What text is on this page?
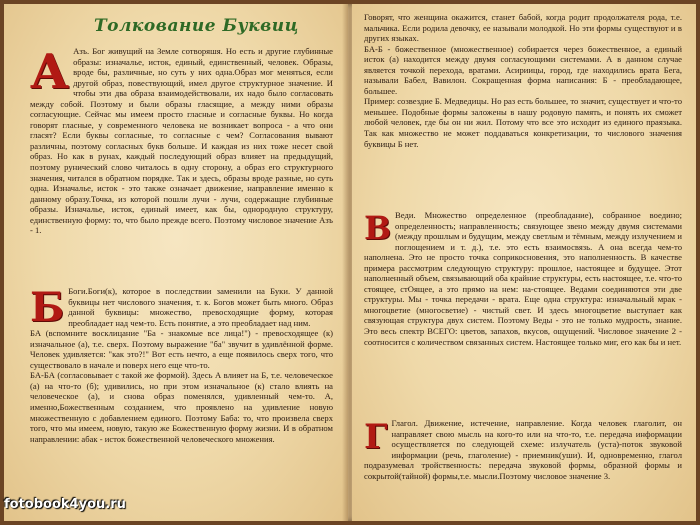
Толкование Буквиц
А Азъ. Бог живущий на Земле сотворяшя. Но есть и другие глубинные образы: изначалье, исток, единый, единственный, человек. Образы, вроде бы, различные, но суть у них одна.Образ мог меняться, если другой образ, повествующий, имел другое структурное значение. И чтобы эти два образа взаимодействовали, их надо было согласовать между собой. Поэтому и были образы гласящие, а между ними образы согласующие. Сейчас мы имеем просто гласные и согласные буквы. Но когда говорят гласные, у современного человека не возникает вопроса - а что они гласят? Если буквы согласные, то согласные с чем? Согласования вывают различны, поэтому согласных букв больше. И каждая из них тоже несет свой образ. Но как в рунах, каждый последующий образ влияет на предыдущий, поэтому рунический слово читалось в одну сторону, а образ его структурного значения, читался в обратном порядке. Так и здесь, образы вроде разные, но суть одна. Изначалье, исток - это также означает движение, направление именно к данному образу.Точка, из которой пошли лучи - лучи, содержащие глубинные образы. Изначалье, исток, единый имеет, как бы, однородную структуру, единственную форму: то, что было прежде всего. Поэтому числовое значение Азъ - 1.

Б Боги.Боги(к), которое в последствии заменили на Буки. У данной буквицы нет числового значения, т. к. Богов может быть много. Образ данной буквицы: множество, превосходящие форму, которая преобладает над чем-то. Есть понятие, а это преобладает над ним.

БА (вспомните восклицание "Ба - знакомые все лица!") - превосходящее (к) изначальное (а), т.е. сверх. Поэтому выражение "ба" звучит в удивлённой форме. Человек удивляется: "как это?!" Вот есть нечто, а еще появилось сверх того, что существовало в начале и поверх него еще что-то.

БА-БА (согласовывает с такой же формой). Здесь А влияет на Б, т.е. человеческое (а) на что-то (б); удивились, но при этом изначальное (к) стало влиять на человеческое (а), и снова образ поменялся, удивленный чем-то. А, именно,Божественным созданием, что проявлено на удивление новую множественную с добавлением единого. Поэтому Баба: то, что произвела сверх того, что мы имеем, новую, такую же Божественную форму жизни. И в обратном направлении: абак - исток божественной человеческого множения.

Говорят, что женщина окажится, станет бабой, когда родит продолжателя рода, т.е. мальчика. Если родила девочку, ее называли молодкой. Но эти формы существуют и в других языках.

БА-Б - божественное (множественное) собирается через божественное, а единый исток (а) находится между двумя согласующими системами. А в данном случае является точкой перехода, вратами. Асириицы, город, где находились врата Бега, называли Бабел, Вавилон. Сокращенная форма написания: Б - преобладающее, большее.

Пример: созвездие Б. Медведицы. Но раз есть большее, то значит, существует и что-то меньшее. Подобные формы заложены в нашу родовую память, и понять их сможет любой человек, где бы он ни жил. Потому что все это исходит из единого праязыка. Так как множество не может поддаваться конкретизации, то числового значения буквицы Б нет.

В Веди. Множество определенное (преобладание), собранное воедино; определенность; направленность; связующее звено между двумя системами (между прошлым и будущим, между светлым и тёмным, между излучением и поглощением и т. д.), т.е. это есть взаимосвязь. А она всегда чем-то наполнена. Это не просто точка соприкосновения, это наполненность. В качестве примера рассмотрим следующую структуру: прошлое, настоящее и будущее. Этот наполненный объем, связывающий оба крайние структуры, есть настоящее, т.е. что-то стоящее, стОящее, а это прямо на нем: на-стоящее. Ведами соединяются эти две структуры. Мы - точка передачи - врата. Еще одна структура: изначальный мрак - многоцветие (многосветие) - чистый свет. И здесь многоцветие выступает как связующая структура двух систем. Поэтому Веды - это не только мудрость, знание. Это весь спектр ВСЕГО: цветов, запахов, вкусов, ощущений. Числовое значение 2 - соотносится с количеством связанных систем. Настоящее только миг, его как бы и нет.

Г Глагол. Движение, истечение, направление. Когда человек глаголит, он направляет свою мысль на кого-то или на что-то, т.е. передача информации осуществляется по следующей схеме: излучатель (уста)-поток звуковой информации (речь, глаголение) - приемник(уши). И, одновременно, глагол подразумевал тройственность: передача звуковой формы, образной формы и сокрытой(тайной) формы,т.е. мысли.Поэтому числовое значение 3.

fotobook4you.ru
